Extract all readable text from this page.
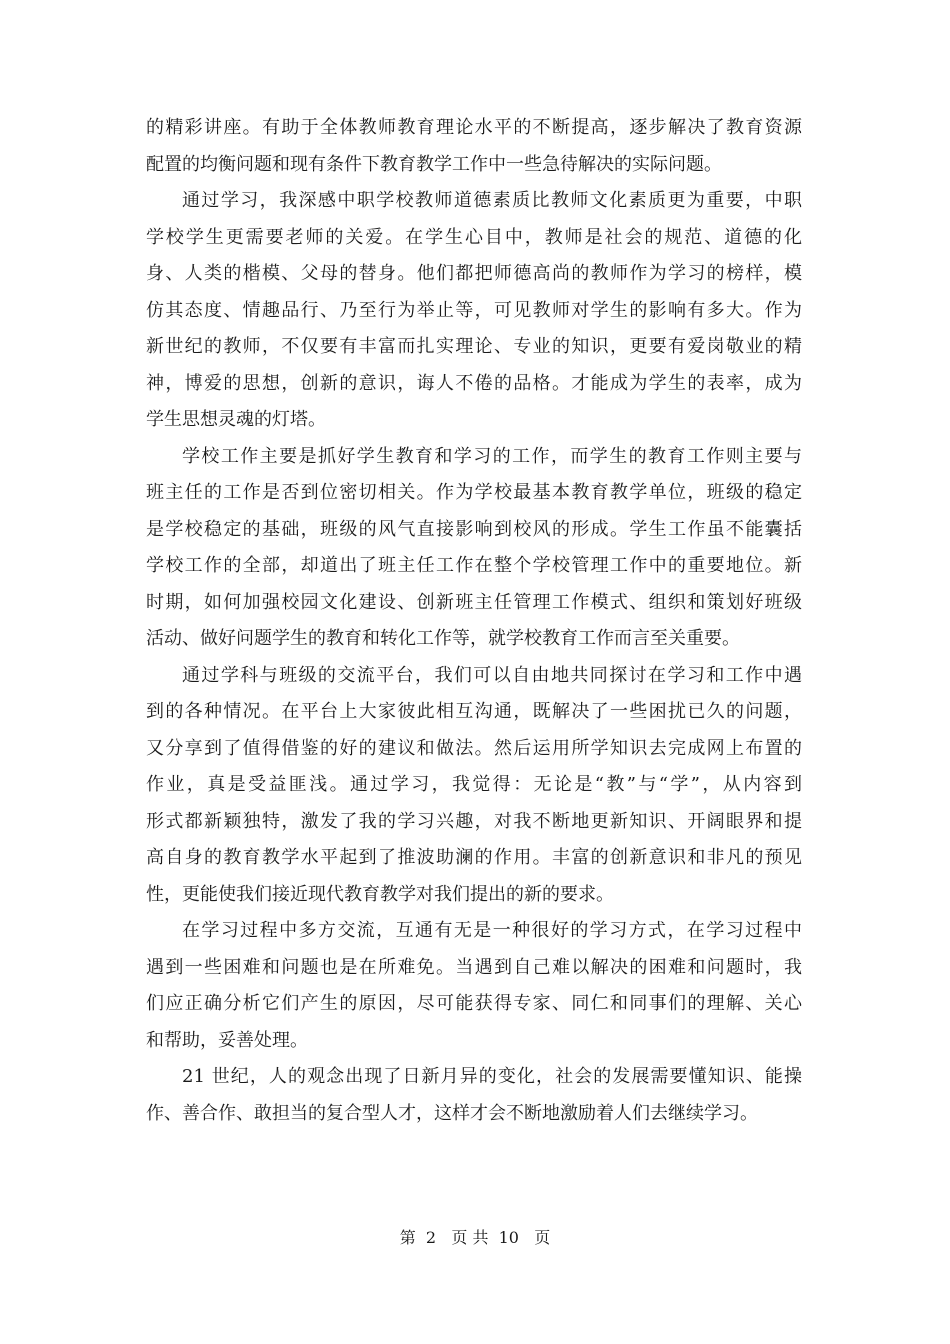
的精彩讲座。有助于全体教师教育理论水平的不断提高，逐步解决了教育资源
配置的均衡问题和现有条件下教育教学工作中一些急待解决的实际问题。
通过学习，我深感中职学校教师道德素质比教师文化素质更为重要，中职
学校学生更需要老师的关爱。在学生心目中，教师是社会的规范、道德的化
身、人类的楷模、父母的替身。他们都把师德高尚的教师作为学习的榜样，模
仿其态度、情趣品行、乃至行为举止等，可见教师对学生的影响有多大。作为
新世纪的教师，不仅要有丰富而扎实理论、专业的知识，更要有爱岗敬业的精
神，博爱的思想，创新的意识，诲人不倦的品格。才能成为学生的表率，成为
学生思想灵魂的灯塔。
学校工作主要是抓好学生教育和学习的工作，而学生的教育工作则主要与
班主任的工作是否到位密切相关。作为学校最基本教育教学单位，班级的稳定
是学校稳定的基础，班级的风气直接影响到校风的形成。学生工作虽不能囊括
学校工作的全部，却道出了班主任工作在整个学校管理工作中的重要地位。新
时期，如何加强校园文化建设、创新班主任管理工作模式、组织和策划好班级
活动、做好问题学生的教育和转化工作等，就学校教育工作而言至关重要。
通过学科与班级的交流平台，我们可以自由地共同探讨在学习和工作中遇
到的各种情况。在平台上大家彼此相互沟通，既解决了一些困扰已久的问题，
又分享到了值得借鉴的好的建议和做法。然后运用所学知识去完成网上布置的
作业，真是受益匪浅。通过学习，我觉得：无论是“教”与“学”，从内容到
形式都新颖独特，激发了我的学习兴趣，对我不断地更新知识、开阔眼界和提
高自身的教育教学水平起到了推波助澜的作用。丰富的创新意识和非凡的预见
性，更能使我们接近现代教育教学对我们提出的新的要求。
在学习过程中多方交流，互通有无是一种很好的学习方式，在学习过程中
遇到一些困难和问题也是在所难免。当遇到自己难以解决的困难和问题时，我
们应正确分析它们产生的原因，尽可能获得专家、同仁和同事们的理解、关心
和帮助，妥善处理。
21 世纪，人的观念出现了日新月异的变化，社会的发展需要懂知识、能操
作、善合作、敢担当的复合型人才，这样才会不断地激励着人们去继续学习。
第  2   页 共  10   页
